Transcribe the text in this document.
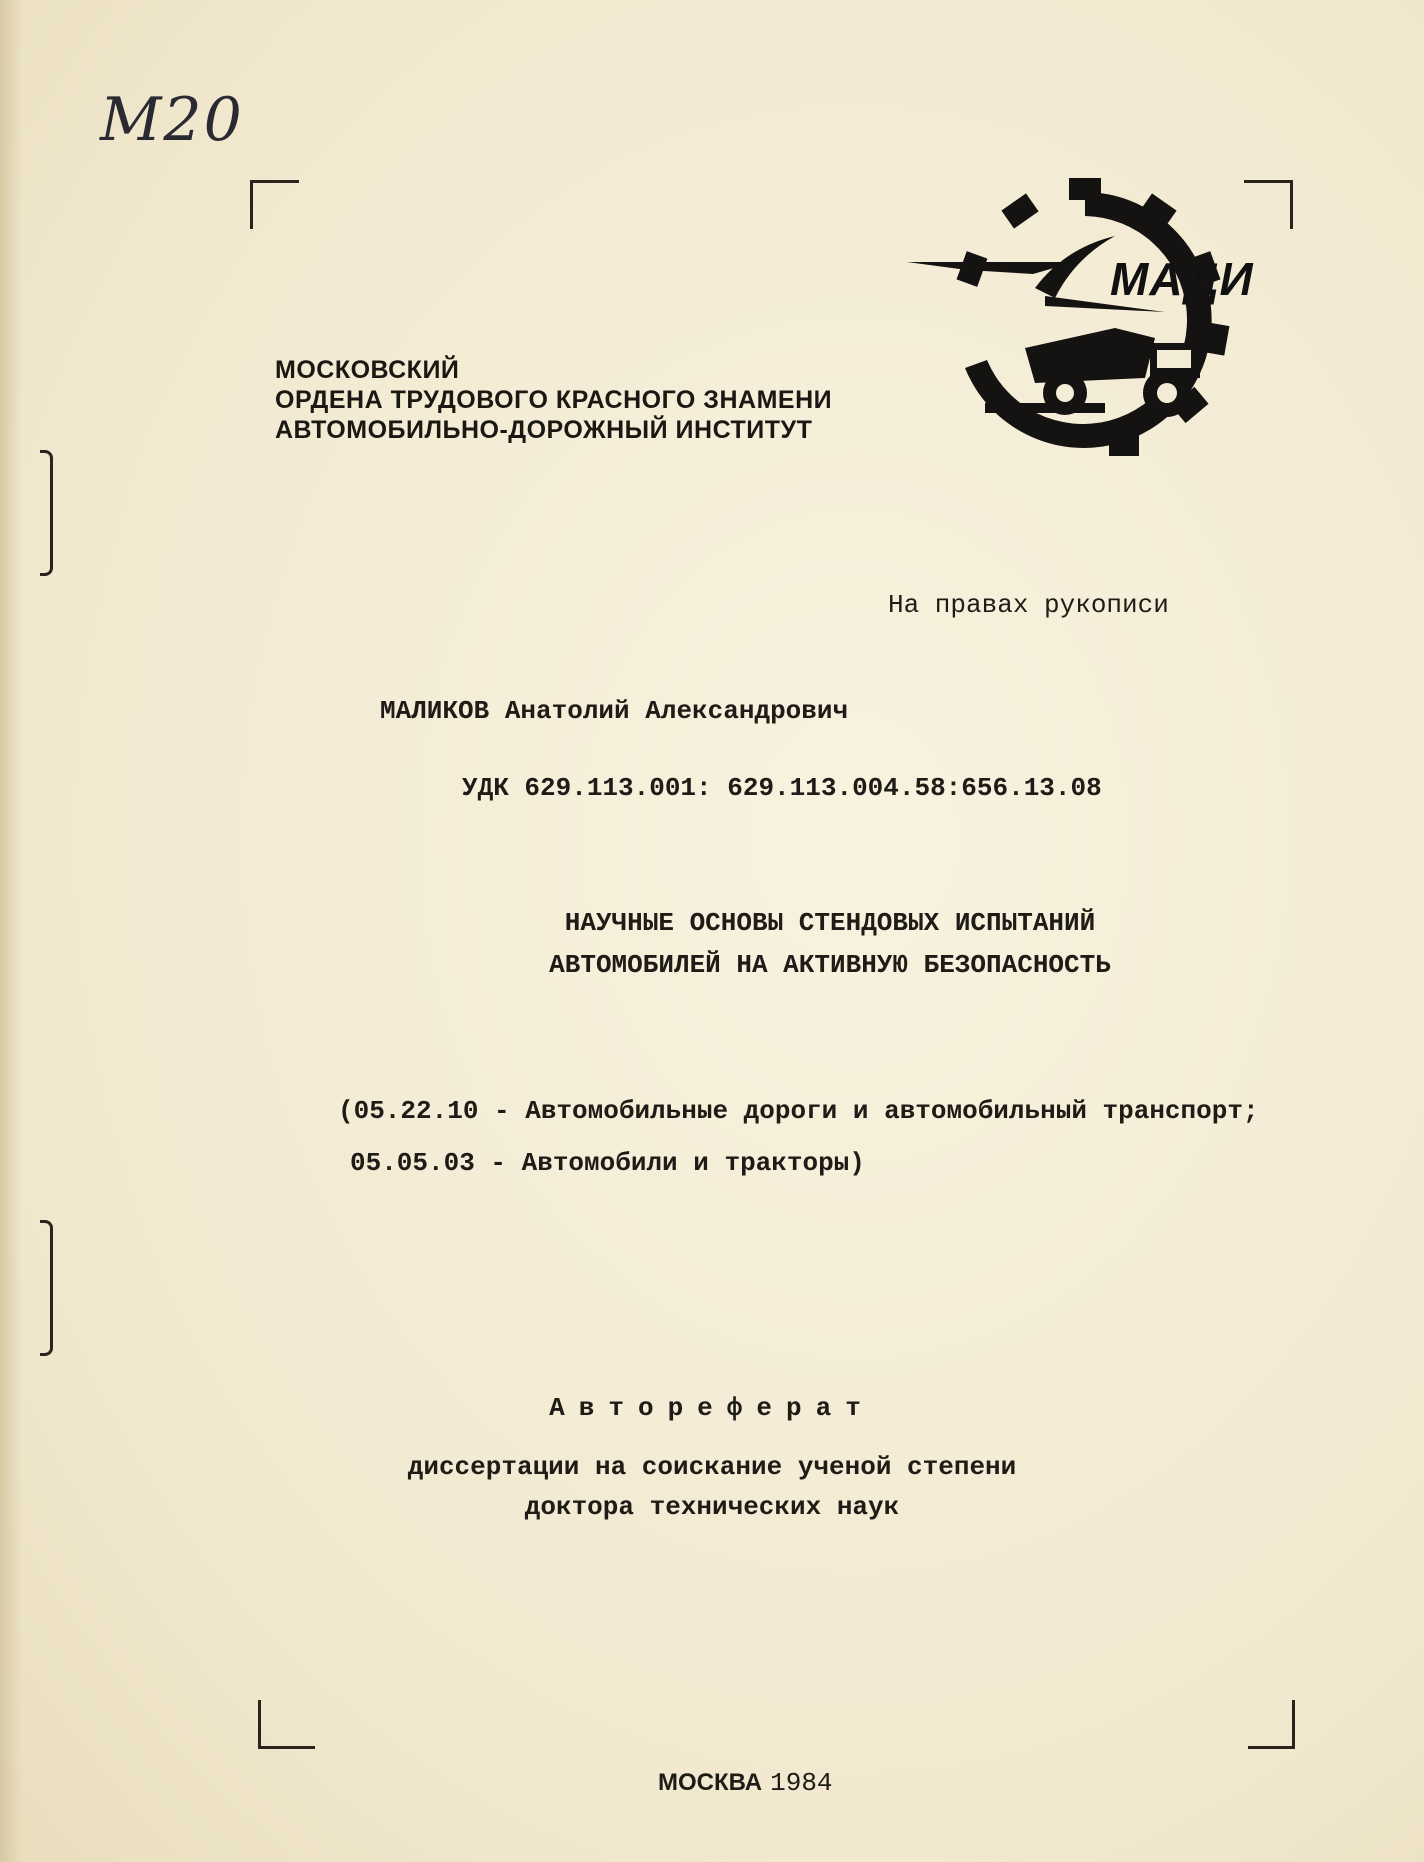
M20
МОСКОВСКИЙ
ОРДЕНА ТРУДОВОГО КРАСНОГО ЗНАМЕНИ
АВТОМОБИЛЬНО-ДОРОЖНЫЙ ИНСТИТУТ
МАДИ
На правах рукописи
МАЛИКОВ Анатолий Александрович
УДК 629.113.001: 629.113.004.58:656.13.08
НАУЧНЫЕ ОСНОВЫ СТЕНДОВЫХ ИСПЫТАНИЙ
АВТОМОБИЛЕЙ НА АКТИВНУЮ БЕЗОПАСНОСТЬ
(05.22.10 - Автомобильные дороги и автомобильный транспорт;
05.05.03 - Автомобили и тракторы)
Автореферат
диссертации на соискание ученой степени
доктора технических наук
МОСКВА 1984
